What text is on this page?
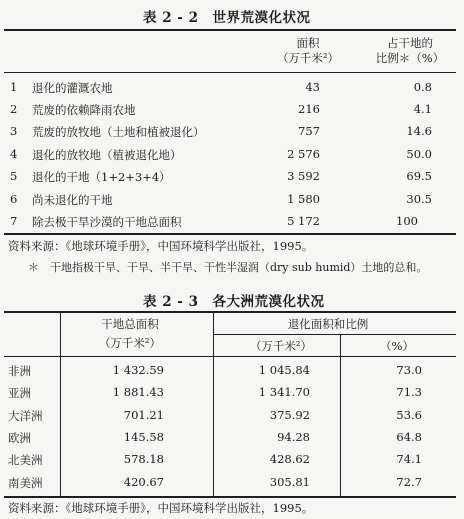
表 2 - 2　世界荒漠化状况
面积
（万千米²）
占干地的
比例＊（%）
1 退化的灌溉农地	43	0.8
2 荒废的依赖降雨农地	216	4.1
3 荒废的放牧地（土地和植被退化）	757	14.6
4 退化的放牧地（植被退化地）	2 576	50.0
5 退化的干地（1+2+3+4）	3 592	69.5
6 尚未退化的干地	1 580	30.5
7 除去极干旱沙漠的干地总面积	5 172	100
资料来源：《地球环境手册》，中国环境科学出版社，1995。
＊　干地指极干旱、干旱、半干旱、干性半湿润（dry sub humid）土地的总和。
表 2 - 3　各大洲荒漠化状况
干地总面积
（万千米²）
退化面积和比例
（万千米²）	（%）
非洲	1 432.59	1 045.84	73.0
亚洲	1 881.43	1 341.70	71.3
大洋洲	701.21	375.92	53.6
欧洲	145.58	94.28	64.8
北美洲	578.18	428.62	74.1
南美洲	420.67	305.81	72.7
资料来源：《地球环境手册》，中国环境科学出版社，1995。
